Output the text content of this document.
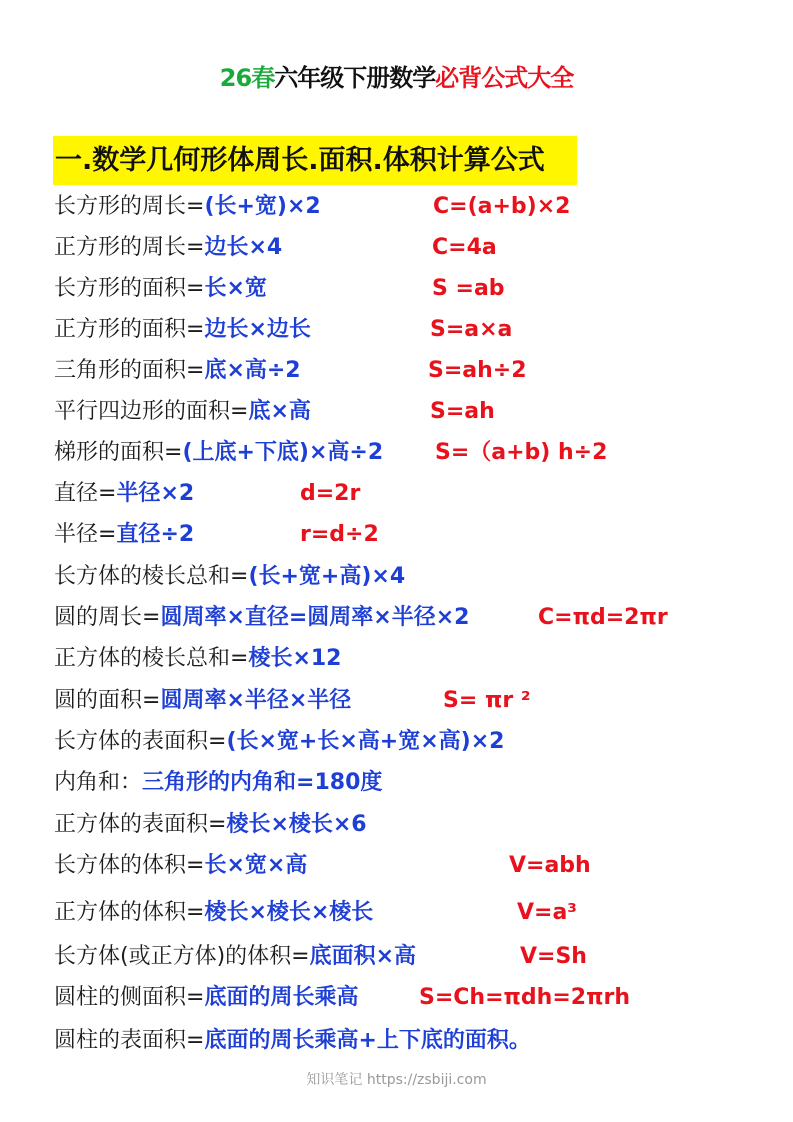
26春六年级下册数学必背公式大全
一.数学几何形体周长.面积.体积计算公式
长方形的周长=(长+宽)×2	C=(a+b)×2
正方形的周长=边长×4	C=4a
长方形的面积=长×宽	S =ab
正方形的面积=边长×边长	S=a×a
三角形的面积=底×高÷2	S=ah÷2
平行四边形的面积=底×高	S=ah
梯形的面积=(上底+下底)×高÷2 S=（a+b) h÷2
直径=半径×2	d=2r
半径=直径÷2	r=d÷2
长方体的棱长总和=(长+宽+高)×4
圆的周长=圆周率×直径=圆周率×半径×2	C=πd=2πr
正方体的棱长总和=棱长×12
圆的面积=圆周率×半径×半径	S= πr ²
长方体的表面积=(长×宽+长×高+宽×高)×2
内角和：三角形的内角和=180度
正方体的表面积=棱长×棱长×6
长方体的体积=长×宽×高	V=abh
正方体的体积=棱长×棱长×棱长	V=a³
长方体(或正方体)的体积=底面积×高	V=Sh
圆柱的侧面积=底面的周长乘高	S=Ch=πdh=2πrh
圆柱的表面积=底面的周长乘高+上下底的面积。
知识笔记 https://zsbiji.com
